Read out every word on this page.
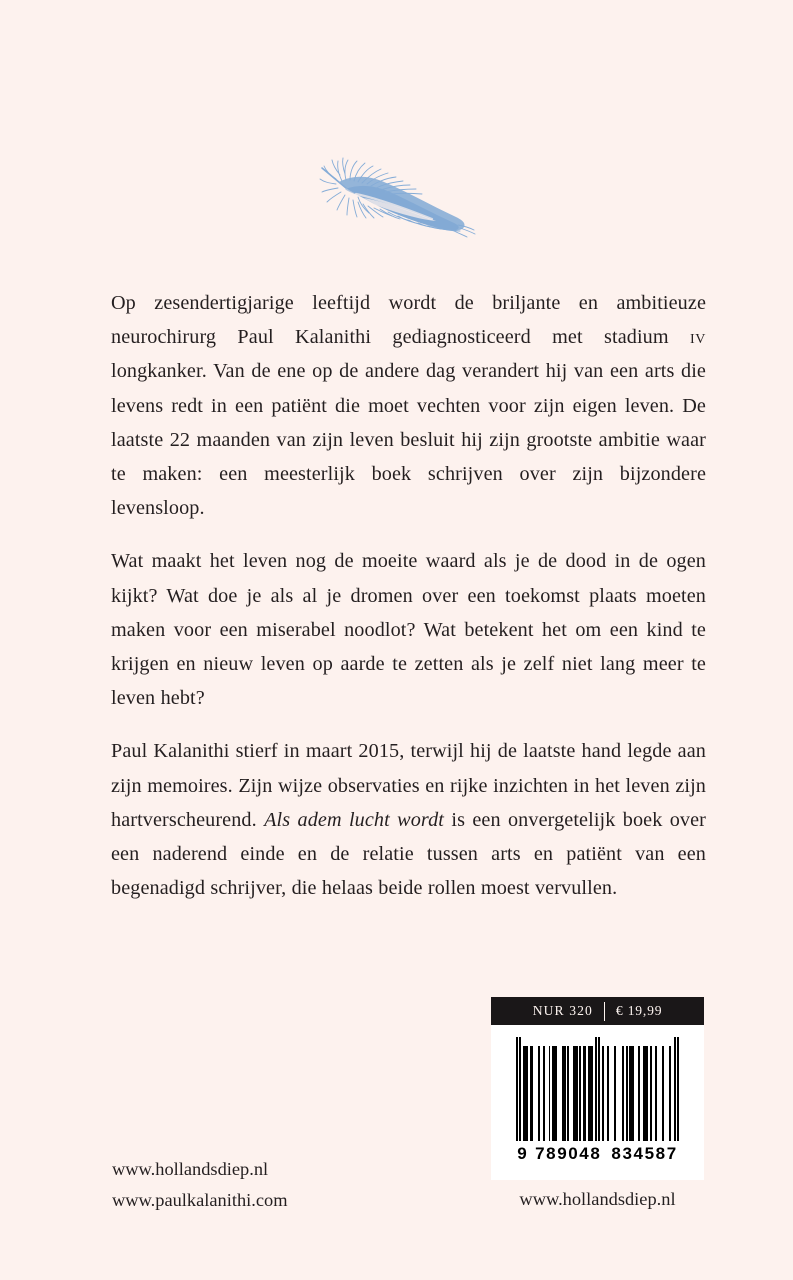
Op zesendertigjarige leeftijd wordt de briljante en ambitieuze neurochirurg Paul Kalanithi gediagnosticeerd met stadium iv longkanker. Van de ene op de andere dag verandert hij van een arts die levens redt in een patiënt die moet vechten voor zijn eigen leven. De laatste 22 maanden van zijn leven besluit hij zijn grootste ambitie waar te maken: een meesterlijk boek schrijven over zijn bijzondere levensloop.

Wat maakt het leven nog de moeite waard als je de dood in de ogen kijkt? Wat doe je als al je dromen over een toekomst plaats moeten maken voor een miserabel noodlot? Wat betekent het om een kind te krijgen en nieuw leven op aarde te zetten als je zelf niet lang meer te leven hebt?

Paul Kalanithi stierf in maart 2015, terwijl hij de laatste hand legde aan zijn memoires. Zijn wijze observaties en rijke inzichten in het leven zijn hartverscheurend. Als adem lucht wordt is een onvergetelijk boek over een naderend einde en de relatie tussen arts en patiënt van een begenadigd schrijver, die helaas beide rollen moest vervullen.

NUR 320	€ 19,99
9 789048 834587
www.hollandsdiep.nl
www.hollandsdiep.nl
www.paulkalanithi.com
